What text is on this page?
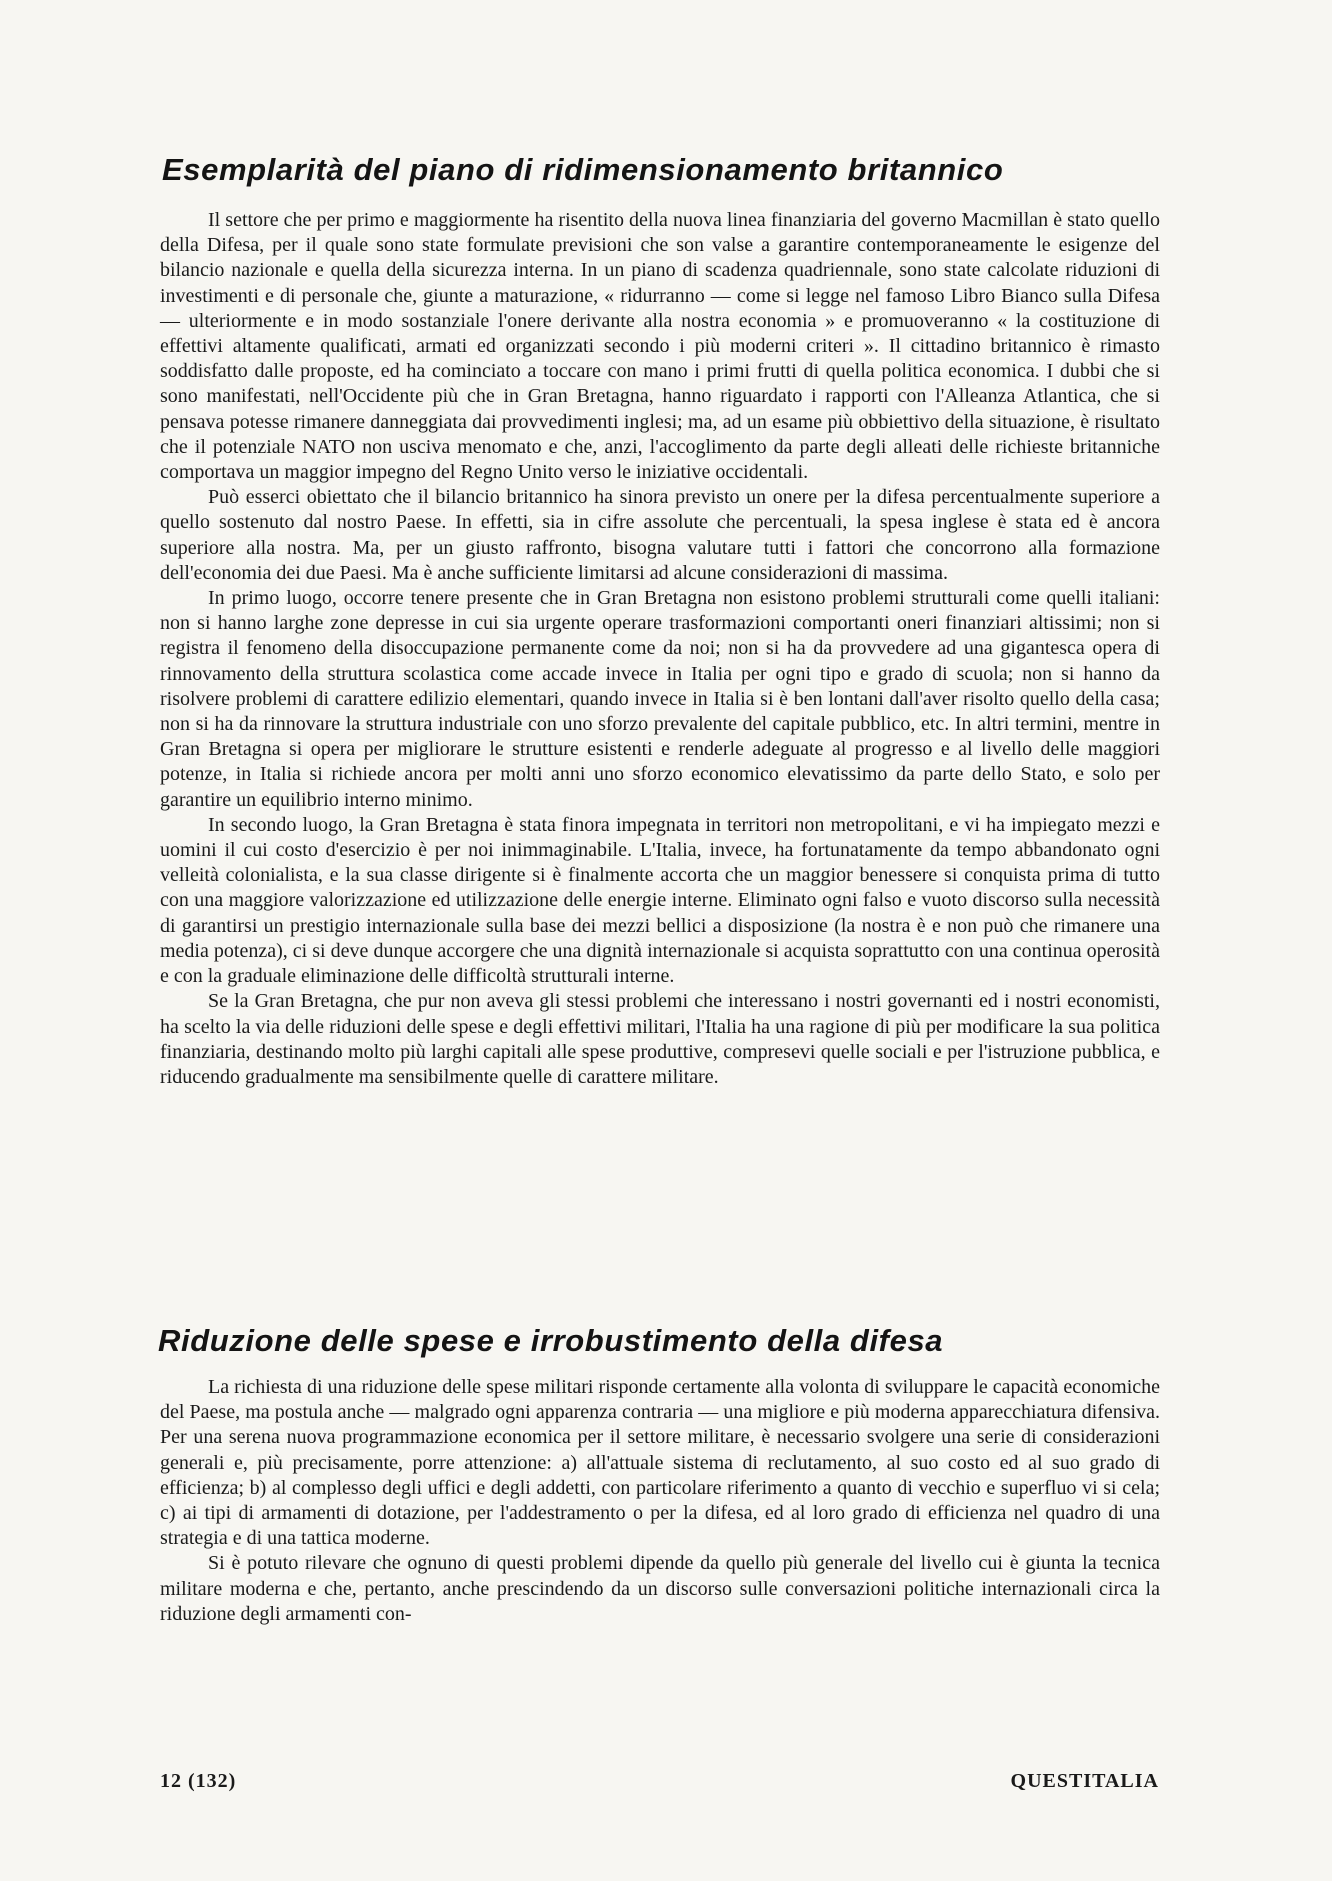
Esemplarità del piano di ridimensionamento britannico

Il settore che per primo e maggiormente ha risentito della nuova linea finanziaria del governo Macmillan è stato quello della Difesa, per il quale sono state formulate previsioni che son valse a garantire contemporaneamente le esigenze del bilancio nazionale e quella della sicurezza interna. In un piano di scadenza quadriennale, sono state calcolate riduzioni di investimenti e di personale che, giunte a maturazione, « ridurranno — come si legge nel famoso Libro Bianco sulla Difesa — ulteriormente e in modo sostanziale l'onere derivante alla nostra economia » e promuoveranno « la costituzione di effettivi altamente qualificati, armati ed organizzati secondo i più moderni criteri ». Il cittadino britannico è rimasto soddisfatto dalle proposte, ed ha cominciato a toccare con mano i primi frutti di quella politica economica. I dubbi che si sono manifestati, nell'Occidente più che in Gran Bretagna, hanno riguardato i rapporti con l'Alleanza Atlantica, che si pensava potesse rimanere danneggiata dai provvedimenti inglesi; ma, ad un esame più obbiettivo della situazione, è risultato che il potenziale NATO non usciva menomato e che, anzi, l'accoglimento da parte degli alleati delle richieste britanniche comportava un maggior impegno del Regno Unito verso le iniziative occidentali.

Può esserci obiettato che il bilancio britannico ha sinora previsto un onere per la difesa percentualmente superiore a quello sostenuto dal nostro Paese. In effetti, sia in cifre assolute che percentuali, la spesa inglese è stata ed è ancora superiore alla nostra. Ma, per un giusto raffronto, bisogna valutare tutti i fattori che concorrono alla formazione dell'economia dei due Paesi. Ma è anche sufficiente limitarsi ad alcune considerazioni di massima.

In primo luogo, occorre tenere presente che in Gran Bretagna non esistono problemi strutturali come quelli italiani: non si hanno larghe zone depresse in cui sia urgente operare trasformazioni comportanti oneri finanziari altissimi; non si registra il fenomeno della disoccupazione permanente come da noi; non si ha da provvedere ad una gigantesca opera di rinnovamento della struttura scolastica come accade invece in Italia per ogni tipo e grado di scuola; non si hanno da risolvere problemi di carattere edilizio elementari, quando invece in Italia si è ben lontani dall'aver risolto quello della casa; non si ha da rinnovare la struttura industriale con uno sforzo prevalente del capitale pubblico, etc. In altri termini, mentre in Gran Bretagna si opera per migliorare le strutture esistenti e renderle adeguate al progresso e al livello delle maggiori potenze, in Italia si richiede ancora per molti anni uno sforzo economico elevatissimo da parte dello Stato, e solo per garantire un equilibrio interno minimo.

In secondo luogo, la Gran Bretagna è stata finora impegnata in territori non metropolitani, e vi ha impiegato mezzi e uomini il cui costo d'esercizio è per noi inimmaginabile. L'Italia, invece, ha fortunatamente da tempo abbandonato ogni velleità colonialista, e la sua classe dirigente si è finalmente accorta che un maggior benessere si conquista prima di tutto con una maggiore valorizzazione ed utilizzazione delle energie interne. Eliminato ogni falso e vuoto discorso sulla necessità di garantirsi un prestigio internazionale sulla base dei mezzi bellici a disposizione (la nostra è e non può che rimanere una media potenza), ci si deve dunque accorgere che una dignità internazionale si acquista soprattutto con una continua operosità e con la graduale eliminazione delle difficoltà strutturali interne.

Se la Gran Bretagna, che pur non aveva gli stessi problemi che interessano i nostri governanti ed i nostri economisti, ha scelto la via delle riduzioni delle spese e degli effettivi militari, l'Italia ha una ragione di più per modificare la sua politica finanziaria, destinando molto più larghi capitali alle spese produttive, compresevi quelle sociali e per l'istruzione pubblica, e riducendo gradualmente ma sensibilmente quelle di carattere militare.

Riduzione delle spese e irrobustimento della difesa

La richiesta di una riduzione delle spese militari risponde certamente alla volonta di sviluppare le capacità economiche del Paese, ma postula anche — malgrado ogni apparenza contraria — una migliore e più moderna apparecchiatura difensiva. Per una serena nuova programmazione economica per il settore militare, è necessario svolgere una serie di considerazioni generali e, più precisamente, porre attenzione: a) all'attuale sistema di reclutamento, al suo costo ed al suo grado di efficienza; b) al complesso degli uffici e degli addetti, con particolare riferimento a quanto di vecchio e superfluo vi si cela; c) ai tipi di armamenti di dotazione, per l'addestramento o per la difesa, ed al loro grado di efficienza nel quadro di una strategia e di una tattica moderne.

Si è potuto rilevare che ognuno di questi problemi dipende da quello più generale del livello cui è giunta la tecnica militare moderna e che, pertanto, anche prescindendo da un discorso sulle conversazioni politiche internazionali circa la riduzione degli armamenti con-

12 (132)	QUESTITALIA
